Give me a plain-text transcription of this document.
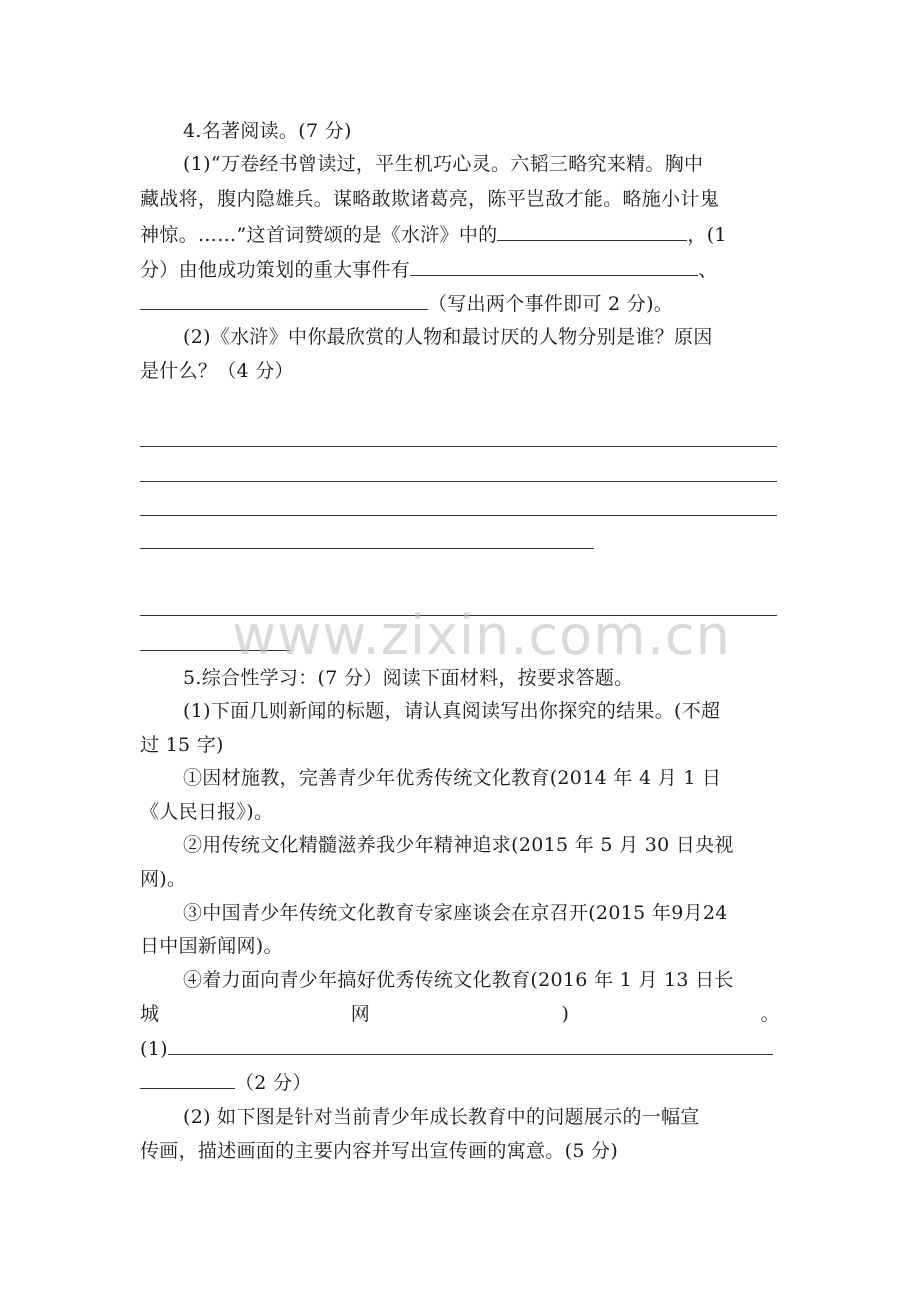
4.名著阅读。(7 分)
(1)“万卷经书曾读过，平生机巧心灵。六韬三略究来精。胸中
藏战将，腹内隐雄兵。谋略敢欺诸葛亮，陈平岂敌才能。略施小计鬼
神惊。……”这首词赞颂的是《水浒》中的	，(1
分）由他成功策划的重大事件有	、
（写出两个事件即可 2 分)。
(2)《水浒》中你最欣赏的人物和最讨厌的人物分别是谁？原因
是什么？（4 分）
www.zixin.com.cn
5.综合性学习：(7 分）阅读下面材料，按要求答题。
(1)下面几则新闻的标题，请认真阅读写出你探究的结果。(不超
过 15 字)
①因材施教，完善青少年优秀传统文化教育(2014 年 4 月 1 日
《人民日报》)。
②用传统文化精髓滋养我少年精神追求(2015 年 5 月 30 日央视
网)。
③中国青少年传统文化教育专家座谈会在京召开(2015 年9月24
日中国新闻网)。
④着力面向青少年搞好优秀传统文化教育(2016 年 1 月 13 日长
城	网	)	。
(1)
（2 分）
(2) 如下图是针对当前青少年成长教育中的问题展示的一幅宣
传画，描述画面的主要内容并写出宣传画的寓意。(5 分)
